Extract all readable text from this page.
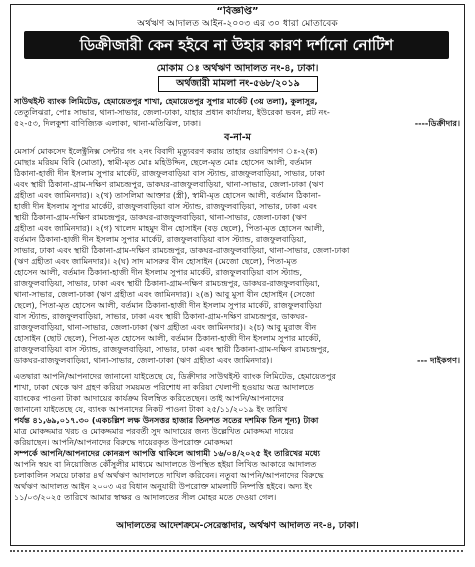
“বিজ্ঞপ্তি”
অর্থঋণ আদালত আইন-২০০৩ এর ৩০ ধারা মোতাবেক
ডিক্রীজারী কেন হইবে না উহার কারণ দর্শানো নোটিশ
মোকাম ঃ অর্থঋণ আদালত নং-৪, ঢাকা।
অর্থজারী মামলা নং-৫৬৮/২০১৯
সাউথইস্ট ব্যাংক লিমিটেড, হেমায়েতপুর শাখা, হেমায়েতপুর সুপার মার্কেট (৩য় তলা), কুলাসুর,
তেতুলিঝরা, পোঃ সাভার, থানা-সাভার, জেলা-ঢাকা, যাহার প্রধান কার্যালয়, ইউরেকা ভবন, প্লট নং-
৫২-৫৩, দিলকুশা বাণিজ্যিক এলাকা, থানা-মতিঝিল, ঢাকা।	----ডিক্রীদার।
ব-না-ম
মেসার্স মোকসেদ ইলেক্ট্রনিক্স সেন্টার গং ২নং বিবাদী মৃত্যুবরণ করায় তাহার ওয়ারিশগণ ঃ-২(ক)
মোছাঃ মরিয়ম বিবি (মোতা), স্বামী-মৃত মোঃ মহিউদ্দিন, ছেলে-মৃত মোঃ হোসেন আলী, বর্তমান
ঠিকানা-হাজী দীন ইসলাম সুপার মার্কেট, রাজফুলবাড়িয়া বাস স্ট্যান্ড, রাজফুলবাড়িয়া, সাভার, ঢাকা
এবং স্থায়ী ঠিকানা-গ্রাম-দক্ষিণ রামচন্দ্রপুর, ডাকঘর-রাজফুলবাড়িয়া, থানা-সাভার, জেলা-ঢাকা (ঋণ
গ্রহীতা এবং জামিনদার)। ২(খ) তাসলিমা আক্তার (স্ত্রী), স্বামী-মৃত হোসেন আলী, বর্তমান ঠিকানা-
হাজী দীন ইসলাম সুপার মার্কেট, রাজফুলবাড়িয়া বাস স্ট্যান্ড, রাজফুলবাড়িয়া, সাভার, ঢাকা এবং
স্থায়ী ঠিকানা-গ্রাম-দক্ষিণ রামচন্দ্রপুর, ডাকঘর-রাজফুলবাড়িয়া, থানা-সাভার, জেলা-ঢাকা (ঋণ
গ্রহীতা এবং জামিনদার)। ২(গ) খালেদ মাহমুদ বীন হোসাইন (বড় ছেলে), পিতা-মৃত হোসেন আলী,
বর্তমান ঠিকানা-হাজী দীন ইসলাম সুপার মার্কেট, রাজফুলবাড়িয়া বাস স্ট্যান্ড, রাজফুলবাড়িয়া,
সাভার, ঢাকা এবং স্থায়ী ঠিকানা-গ্রাম-দক্ষিণ রামচন্দ্রপুর, ডাকঘর-রাজফুলবাড়িয়া, থানা-সাভার, জেলা-ঢাকা
(ঋণ গ্রহীতা এবং জামিনদার)। ২(ঘ) সাদ মাসরুর বীন হোসাইন (মেজো ছেলে), পিতা-মৃত
হোসেন আলী, বর্তমান ঠিকানা-হাজী দীন ইসলাম সুপার মার্কেট, রাজফুলবাড়িয়া বাস স্ট্যান্ড,
রাজফুলবাড়িয়া, সাভার, ঢাকা এবং স্থায়ী ঠিকানা-গ্রাম-দক্ষিণ রামচন্দ্রপুর, ডাকঘর-রাজফুলবাড়িয়া,
থানা-সাভার, জেলা-ঢাকা (ঋণ গ্রহীতা এবং জামিনদার)। ২(ঙ) আবু মুসা বীন হোসাইন (সেজো
ছেলে), পিতা-মৃত হোসেন আলী, বর্তমান ঠিকানা-হাজী দীন ইসলাম সুপার মার্কেট, রাজফুলবাড়িয়া
বাস স্ট্যান্ড, রাজফুলবাড়িয়া, সাভার, ঢাকা এবং স্থায়ী ঠিকানা-গ্রাম-দক্ষিণ রামচন্দ্রপুর, ডাকঘর-
রাজফুলবাড়িয়া, থানা-সাভার, জেলা-ঢাকা (ঋণ গ্রহীতা এবং জামিনদার)। ২(চ) আবু মুরাজ বীন
হোসাইন (ছোট ছেলে), পিতা-মৃত হোসেন আলী, বর্তমান ঠিকানা-হাজী দীন ইসলাম সুপার মার্কেট,
রাজফুলবাড়িয়া বাস স্ট্যান্ড, রাজফুলবাড়িয়া, সাভার, ঢাকা এবং স্থায়ী ঠিকানা-গ্রাম-দক্ষিণ রামচন্দ্রপুর,
ডাকঘর-রাজফুলবাড়িয়া, থানা-সাভার, জেলা-ঢাকা (ঋণ গ্রহীতা এবং জামিনদার)।	--- দাইকগণ।
এতদ্বারা আপনি/আপনাদের জানানো যাইতেছে যে, ডিক্রীদার সাউথইস্ট ব্যাংক লিমিটেড, হেমায়েতপুর
শাখা, ঢাকা থেকে ঋণ গ্রহণ করিয়া সময়মত পরিশোধ না করিয়া খেলাপী হওয়ায় অত্র আদালতে
ব্যাংকের পাওনা টাকা আদায়ের কার্যক্রম বিলম্বিত করিতেছেন। তাই আপনি/আপনাদের
জানানো যাইতেছে যে, ব্যাংক আপনাদের নিকট পাওনা টাকা ২৫/১১/২০১৯ ইং তারিখ
পর্যন্ত ৪১,৬৯,০১৭.৩০ (একচল্লিশ লক্ষ উনসত্তর হাজার তিনশত সতের দশমিক তিন শূন্য) টাকা
মাত্র মোকদ্দমার খরচ ও মোকদ্দমার পরবর্তী সুদ আদায়ের জন্য উল্লেখিত মোকদ্দমা দায়ের
করিয়াছেন। আপনি/আপনাদের বিরুদ্ধে দায়েরকৃত উপরোক্ত মোকদ্দমা
সম্পর্কে আপনি/আপনাদের কোনরূপ আপত্তি থাকিলে আগামী ১৬/০৪/২০২৫ ইং তারিখের মধ্যে
আপনি স্বয়ং বা নিয়োজিত কৌঁসুলীর মাধ্যমে আদালতে উপস্থিত হইয়া লিখিত আকারে আদালত
চলাকালিন সময়ে ঢাকার ৪র্থ অর্থঋণ আদালতে দাখিল করিবেন। নতুবা আপনি/আপনাদের বিরুদ্ধে
অর্থঋণ আদালত আইন ২০০৩ এর বিধান অনুযায়ী উপরোক্ত মামলাটি নিষ্পত্তি হইবে। অদ্য ইং
১১/০৩/২০২৫ তারিখে আমার স্বাক্ষর ও আদালতের সীল মোহর মতে দেওয়া গেল।
আদালতের আদেশক্রমে-সেরেস্তাদার, অর্থঋণ আদালত নং-৪, ঢাকা।
